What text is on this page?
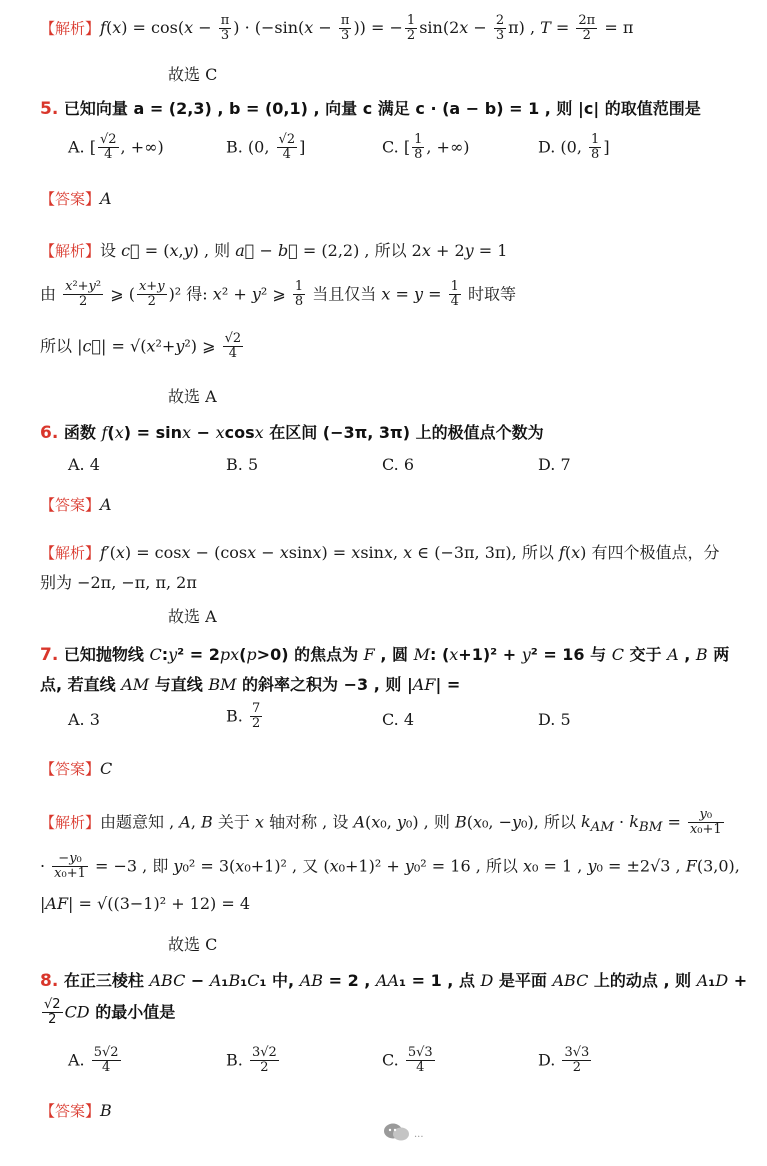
【解析】$f(x) = \cos(x - \frac{\pi}{3}$ ) · ($-\sin(x - \frac{\pi}{3}$ )) = − $\frac{1}{2} \sin(2x - \frac{2}{3} \pi)$ , $T = \frac{2\pi}{2} = \pi$
故选 C
5. 已知向量 a = (2,3) , b = (0,1) , 向量 c 满足 c · (a − b) = 1 , 则 |c| 的取值范围是
A. [ $\frac{√2}{4}$ , +∞)	B. (0, $\frac{√2}{4}$ ]	C. [ $\frac{1}{8}$ , +∞)	D. (0, $\frac{1}{8}$ ]
【答案】A
【解析】设 c⃗ = (x,y) , 则 a⃗ − b⃗ = (2,2) , 所以 2x + 2y = 1
由 $\frac{\text{x²+y²}}{2}$ ⩾ ( $\frac{x+y}{2} )^2$ 得: x² + y² ⩾ $\frac{1}{8}$ 当且仅当 $x = y = \frac{1}{4}$ 时取等
所以 |c⃗| = √(x²+y²) ⩾ $\frac{√2}{4}$
故选 A
6. 函数 f(x) = sinx − xcosx 在区间 (−3π, 3π) 上的极值点个数为
A. 4	B. 5	C. 6	D. 7
【答案】A
【解析】f′(x) = cosx − (cosx − xsinx) = xsinx, x ∈ (−3π, 3π), 所以 f(x) 有四个极值点，分
别为 −2π, −π, π, 2π
故选 A
7. 已知抛物线 C:y² = 2px(p>0) 的焦点为 F , 圆 M: (x+1)² + y² = 16 与 C 交于 A , B 两
点, 若直线 AM 与直线 BM 的斜率之积为 −3 , 则 |AF| =
A. 3	B. $\frac{7}{2}$	C. 4	D. 5
【答案】C
【解析】由题意知 , A, B 关于 x 轴对称 , 设 A(x₀, y₀) , 则 B(x₀, −y₀), 所以 $k_{AM} \cdot k_{BM} = \frac{\text{y₀}}{\text{x₀+1}}$
· $\frac{\text{−y₀}}{\text{x₀+1}} = -3$ , 即 y₀² = 3(x₀+1)² , 又 (x₀+1)² + y₀² = 16 , 所以 x₀ = 1 , y₀ = ±2√3 , F(3,0),
|AF| = √((3−1)² + 12) = 4
故选 C
8. 在正三棱柱 ABC − A₁B₁C₁ 中, AB = 2 , AA₁ = 1 , 点 D 是平面 ABC 上的动点 , 则 A₁D +
$\frac{√2}{2}$ CD 的最小值是
A. $\frac{5√2}{4}$	B. $\frac{3√2}{2}$	C. $\frac{5√3}{4}$	D. $\frac{3√3}{2}$
【答案】B
···
